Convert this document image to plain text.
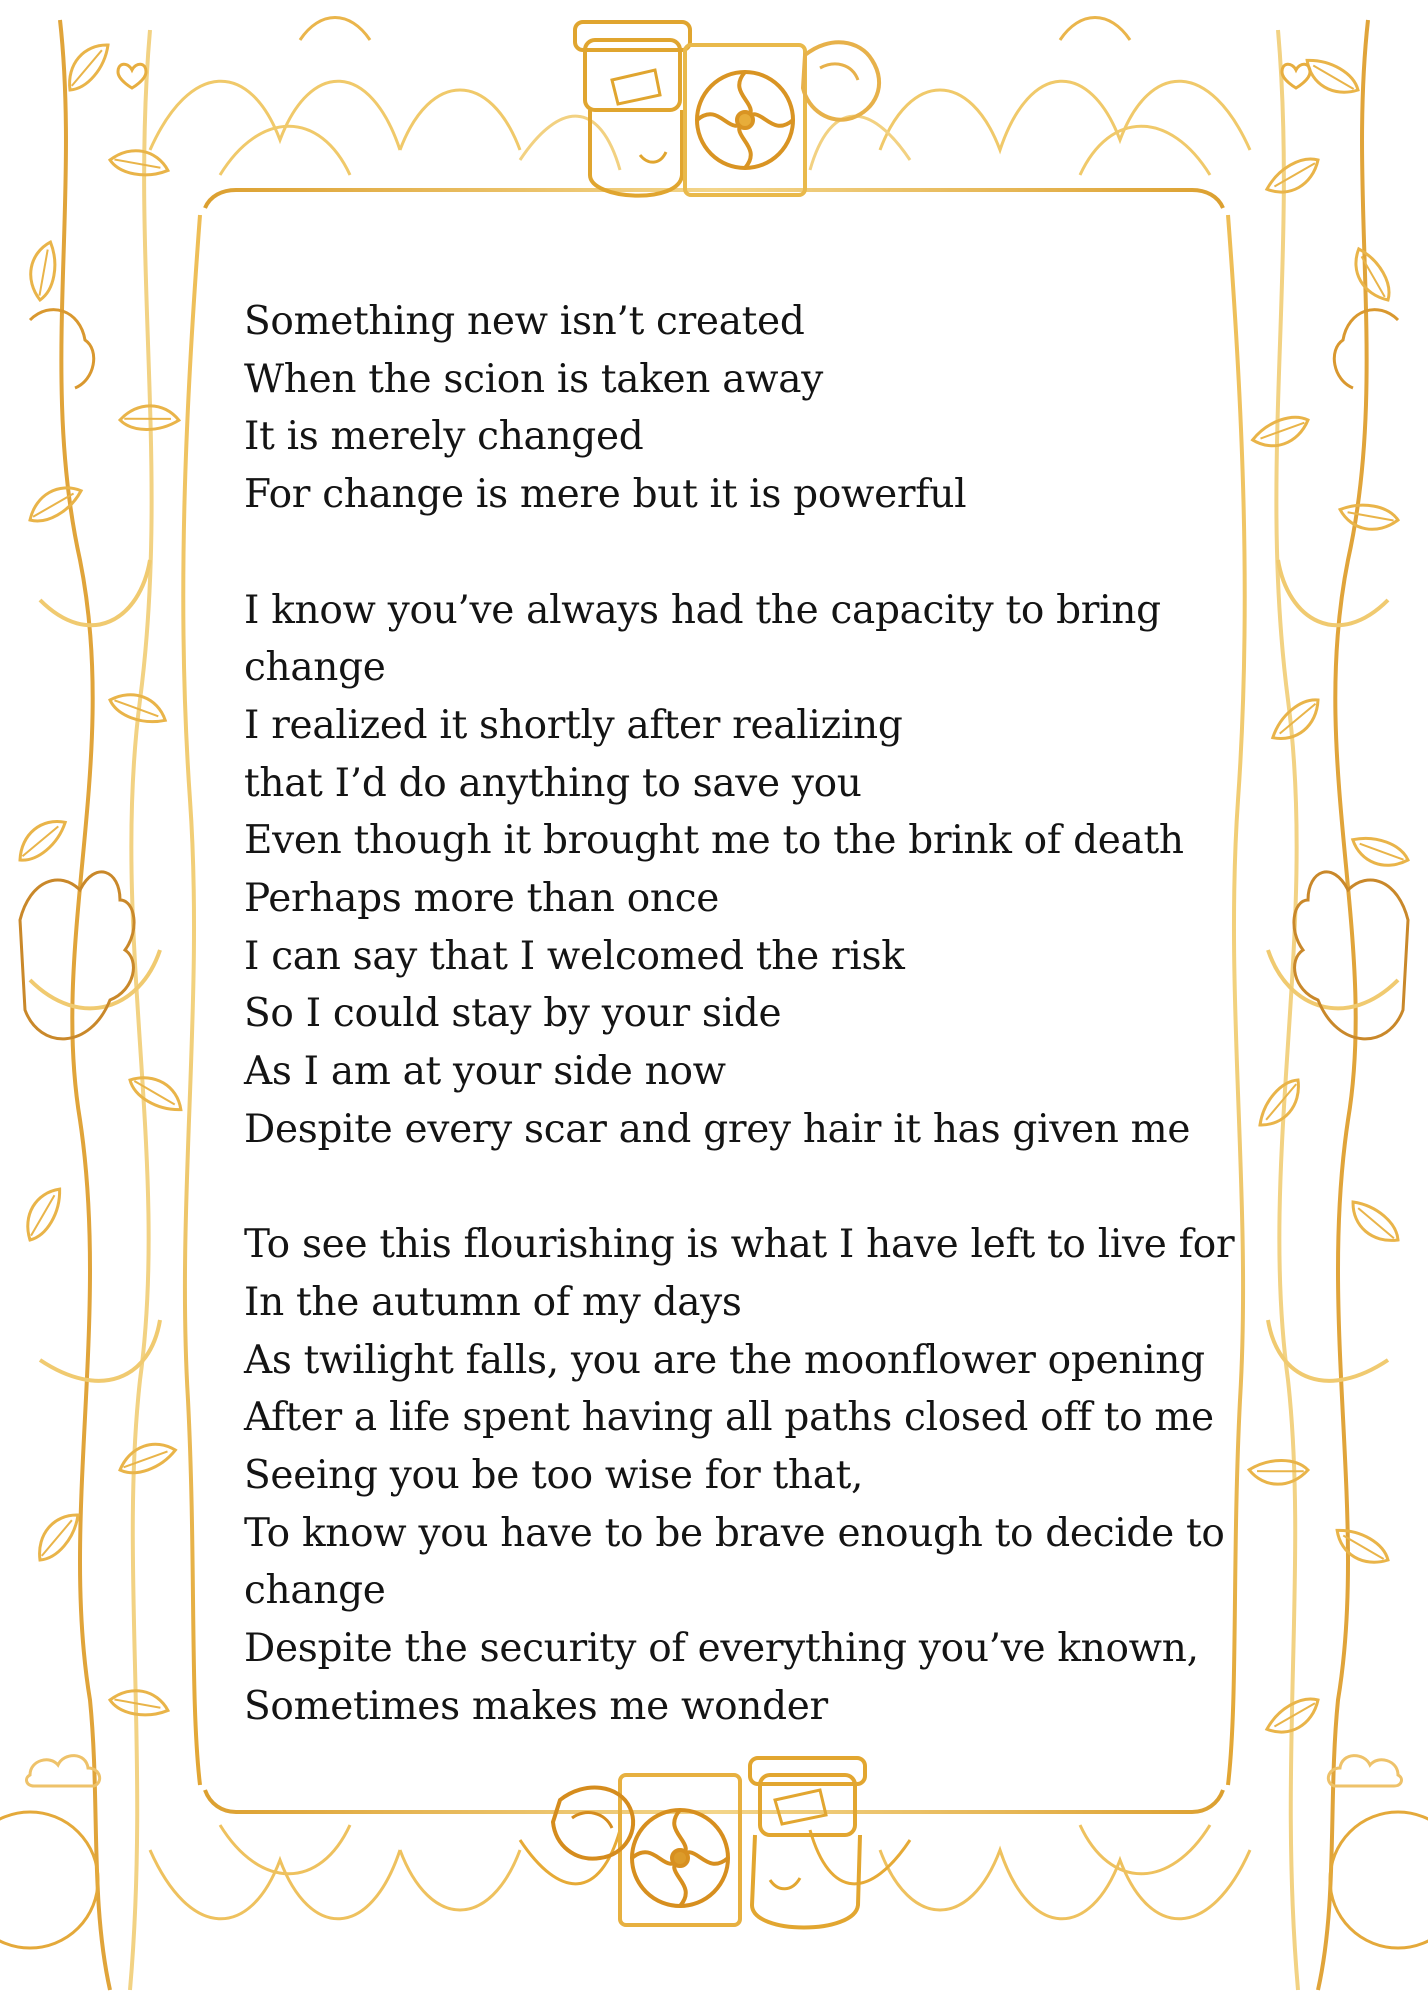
Something new isn’t created
When the scion is taken away
It is merely changed
For change is mere but it is powerful
I know you’ve always had the capacity to bring
change
I realized it shortly after realizing
that I’d do anything to save you
Even though it brought me to the brink of death
Perhaps more than once
I can say that I welcomed the risk
So I could stay by your side
As I am at your side now
Despite every scar and grey hair it has given me
To see this flourishing is what I have left to live for
In the autumn of my days
As twilight falls, you are the moonflower opening
After a life spent having all paths closed off to me
Seeing you be too wise for that,
To know you have to be brave enough to decide to
change
Despite the security of everything you’ve known,
Sometimes makes me wonder
